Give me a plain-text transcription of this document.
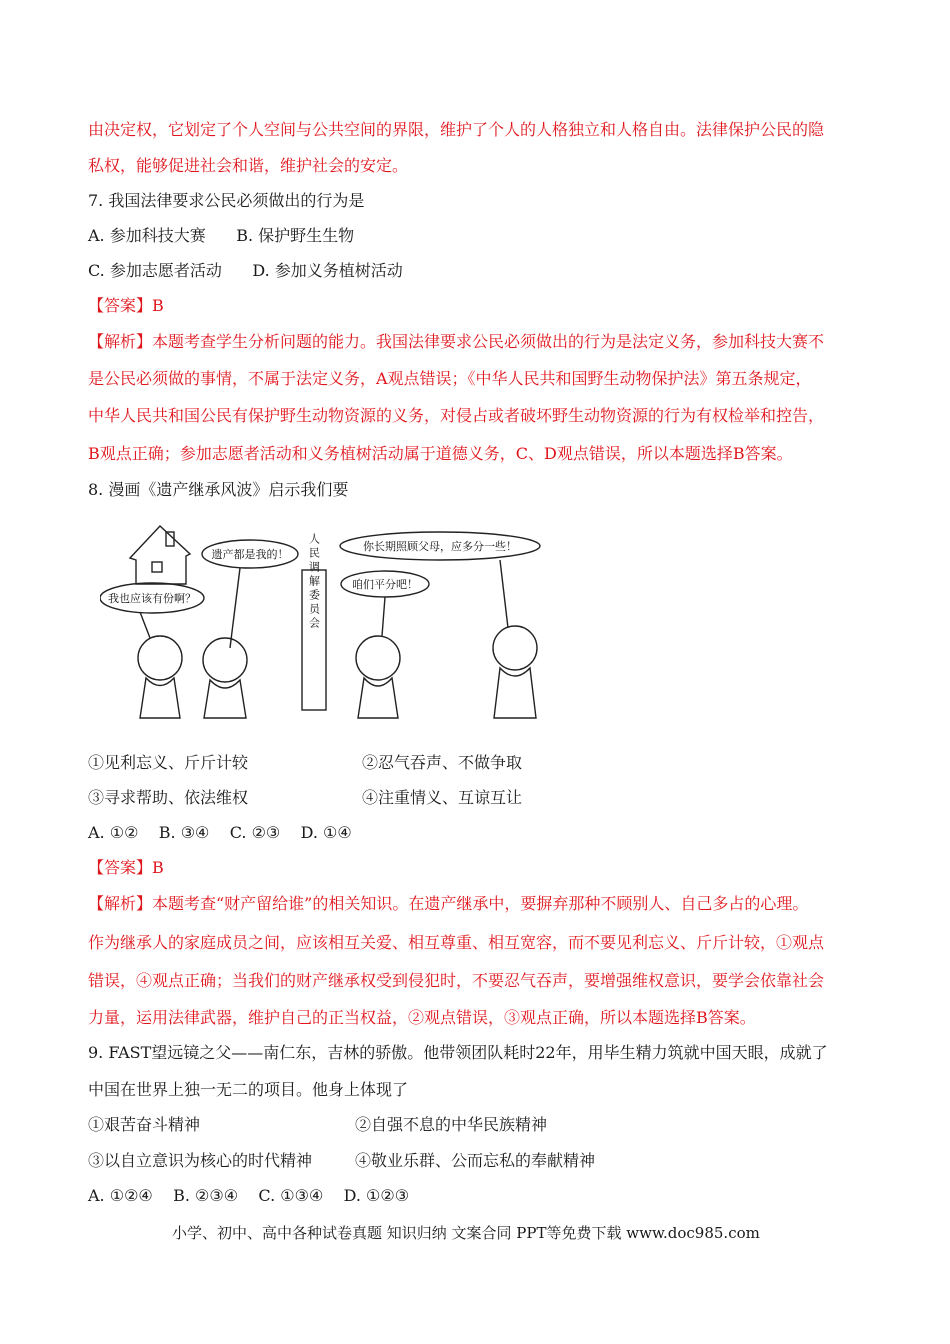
由决定权，它划定了个人空间与公共空间的界限，维护了个人的人格独立和人格自由。法律保护公民的隐
私权，能够促进社会和谐，维护社会的安定。
7. 我国法律要求公民必须做出的行为是
A. 参加科技大赛      B. 保护野生生物
C. 参加志愿者活动      D. 参加义务植树活动
【答案】B
【解析】本题考查学生分析问题的能力。我国法律要求公民必须做出的行为是法定义务，参加科技大赛不
是公民必须做的事情，不属于法定义务，A观点错误；《中华人民共和国野生动物保护法》第五条规定，
中华人民共和国公民有保护野生动物资源的义务，对侵占或者破坏野生动物资源的行为有权检举和控告，
B观点正确；参加志愿者活动和义务植树活动属于道德义务，C、D观点错误，所以本题选择B答案。
8. 漫画《遗产继承风波》启示我们要
我也应该有份啊？
遗产都是我的！
你长期照顾父母，应多分一些！
咱们平分吧！
人民调解委员会
①见利忘义、斤斤计较	②忍气吞声、不做争取
③寻求帮助、依法维权	④注重情义、互谅互让
A. ①②    B. ③④    C. ②③    D. ①④
【答案】B
【解析】本题考查“财产留给谁”的相关知识。在遗产继承中，要摒弃那种不顾别人、自己多占的心理。
作为继承人的家庭成员之间，应该相互关爱、相互尊重、相互宽容，而不要见利忘义、斤斤计较，①观点
错误，④观点正确；当我们的财产继承权受到侵犯时，不要忍气吞声，要增强维权意识，要学会依靠社会
力量，运用法律武器，维护自己的正当权益，②观点错误，③观点正确，所以本题选择B答案。
9. FAST望远镜之父——南仁东，吉林的骄傲。他带领团队耗时22年，用毕生精力筑就中国天眼，成就了
中国在世界上独一无二的项目。他身上体现了
①艰苦奋斗精神	②自强不息的中华民族精神
③以自立意识为核心的时代精神	④敬业乐群、公而忘私的奉献精神
A. ①②④    B. ②③④    C. ①③④    D. ①②③
小学、初中、高中各种试卷真题 知识归纳 文案合同 PPT等免费下载 www.doc985.com
